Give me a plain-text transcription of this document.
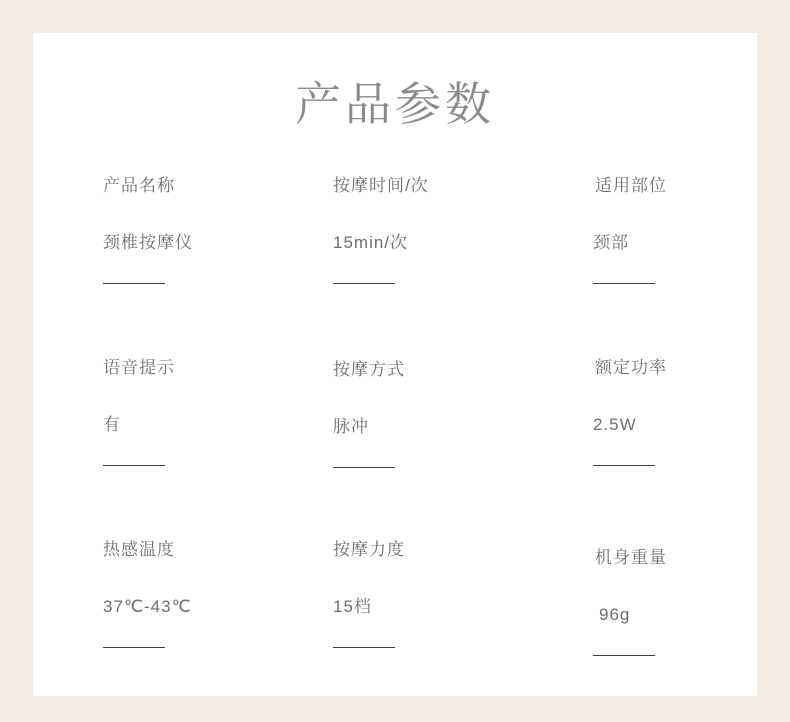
产品参数
产品名称
颈椎按摩仪
按摩时间/次
15min/次
适用部位
颈部
语音提示
有
按摩方式
脉冲
额定功率
2.5W
热感温度
37℃-43℃
按摩力度
15档
机身重量
96g
